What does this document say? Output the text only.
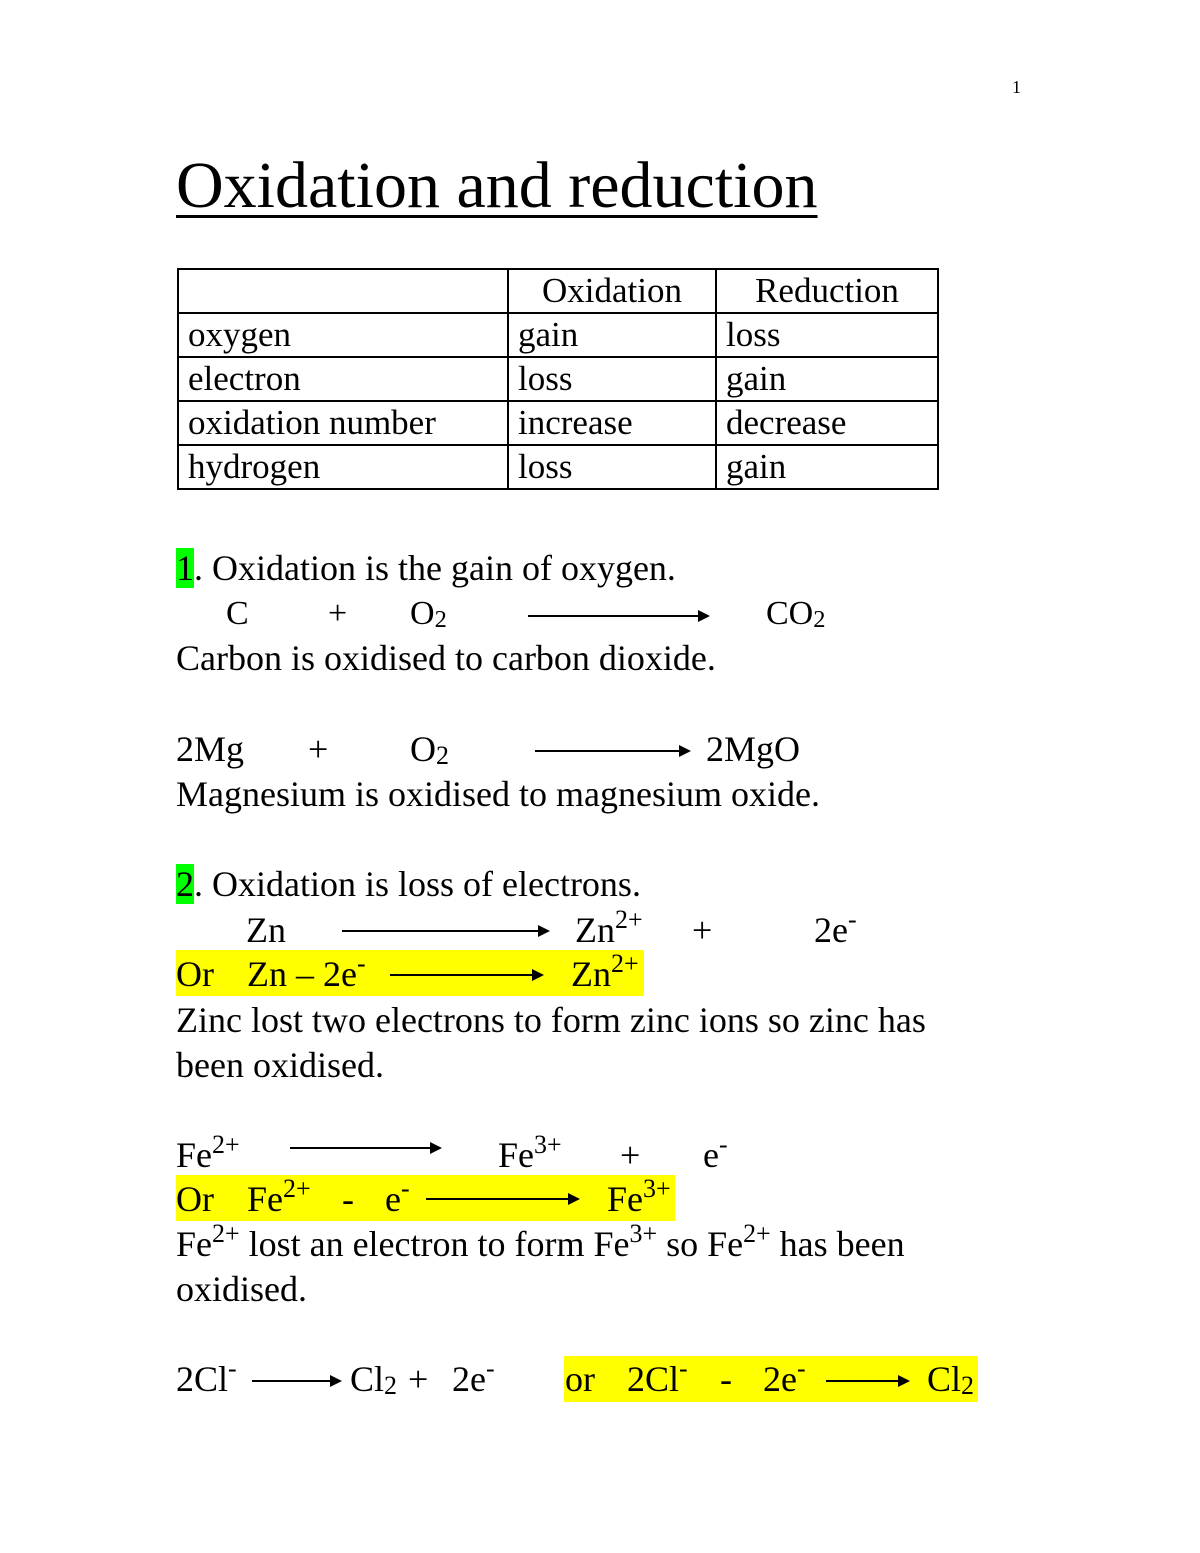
1
Oxidation and reduction
	Oxidation	Reduction
oxygen	gain	loss
electron	loss	gain
oxidation number	increase	decrease
hydrogen	loss	gain
1. Oxidation is the gain of oxygen.
$C + O_2$	$CO_2$
Carbon is oxidised to carbon dioxide.
$2Mg + O_2$	2MgO
Magnesium is oxidised to magnesium oxide.
2. Oxidation is loss of electrons.
Zn	$Zn^{2+}$ +	2e-
Or Zn – 2e-	$Zn^{2+}$
Zinc lost two electrons to form zinc ions so zinc has
been oxidised.
$Fe^{2+}$	$Fe^{3+} + e^-$
Or $Fe^{2+} - e^-$	$Fe^{3+}$
$Fe^{2+}$ lost an electron to form $Fe^{3+}$ so $Fe^{2+}$ has been
oxidised.
2Cl-	$Cl_2 + 2e^-$ or 2Cl- - 2e-	$Cl_2$
